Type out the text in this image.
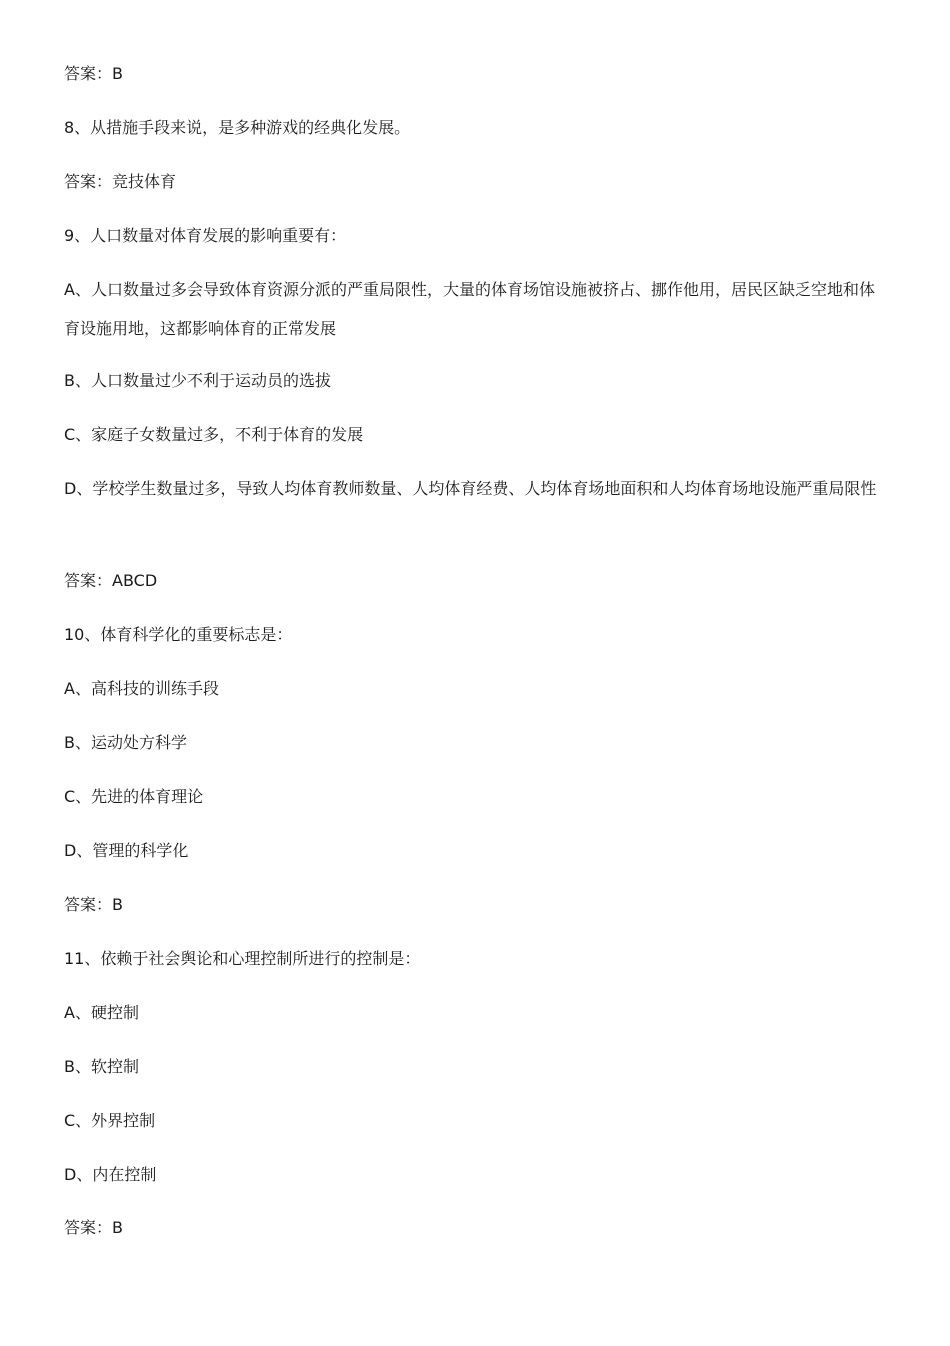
答案：B
8、从措施手段来说，是多种游戏的经典化发展。
答案：竞技体育
9、人口数量对体育发展的影响重要有：
A、人口数量过多会导致体育资源分派的严重局限性，大量的体育场馆设施被挤占、挪作他用，居民区缺乏空地和体育设施用地，这都影响体育的正常发展
B、人口数量过少不利于运动员的选拔
C、家庭子女数量过多，不利于体育的发展
D、学校学生数量过多，导致人均体育教师数量、人均体育经费、人均体育场地面积和人均体育场地设施严重局限性
答案：ABCD
10、体育科学化的重要标志是：
A、高科技的训练手段
B、运动处方科学
C、先进的体育理论
D、管理的科学化
答案：B
11、依赖于社会舆论和心理控制所进行的控制是：
A、硬控制
B、软控制
C、外界控制
D、内在控制
答案：B
